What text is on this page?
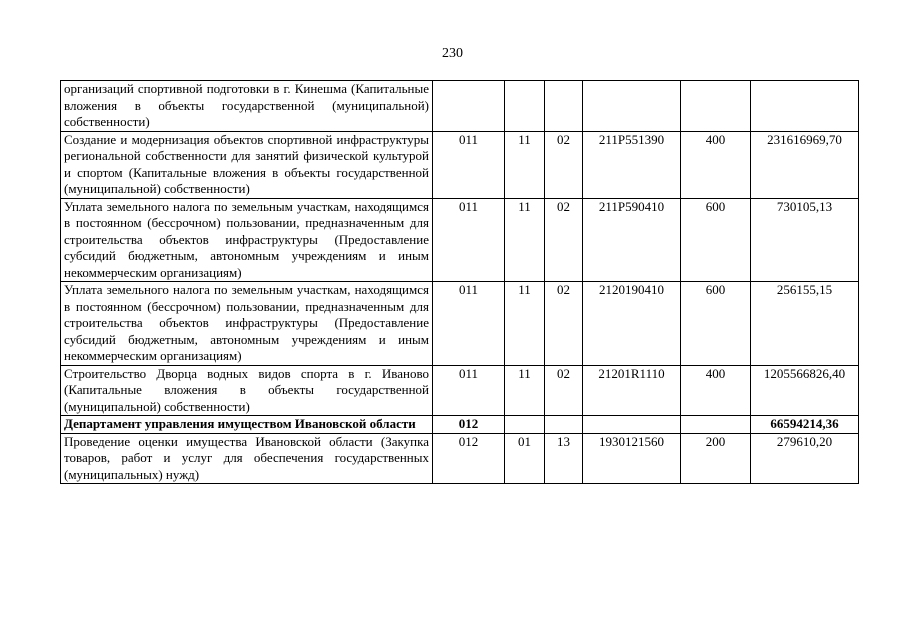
230
организаций спортивной подготовки в г. Кинешма (Капитальные вложения в объекты государственной (муниципальной) собственности)						
Создание и модернизация объектов спортивной инфраструктуры региональной собственности для занятий физической культурой и спортом (Капитальные вложения в объекты государственной (муниципальной) собственности)	011	11	02	211P551390	400	231616969,70
Уплата земельного налога по земельным участкам, находящимся в постоянном (бессрочном) пользовании, предназначенным для строительства объектов инфраструктуры (Предоставление субсидий бюджетным, автономным учреждениям и иным некоммерческим организациям)	011	11	02	211P590410	600	730105,13
Уплата земельного налога по земельным участкам, находящимся в постоянном (бессрочном) пользовании, предназначенным для строительства объектов инфраструктуры (Предоставление субсидий бюджетным, автономным учреждениям и иным некоммерческим организациям)	011	11	02	2120190410	600	256155,15
Строительство Дворца водных видов спорта в г. Иваново (Капитальные вложения в объекты государственной (муниципальной) собственности)	011	11	02	21201R1110	400	1205566826,40
Департамент управления имуществом Ивановской области	012					66594214,36
Проведение оценки имущества Ивановской области (Закупка товаров, работ и услуг для обеспечения государственных (муниципальных) нужд)	012	01	13	1930121560	200	279610,20
